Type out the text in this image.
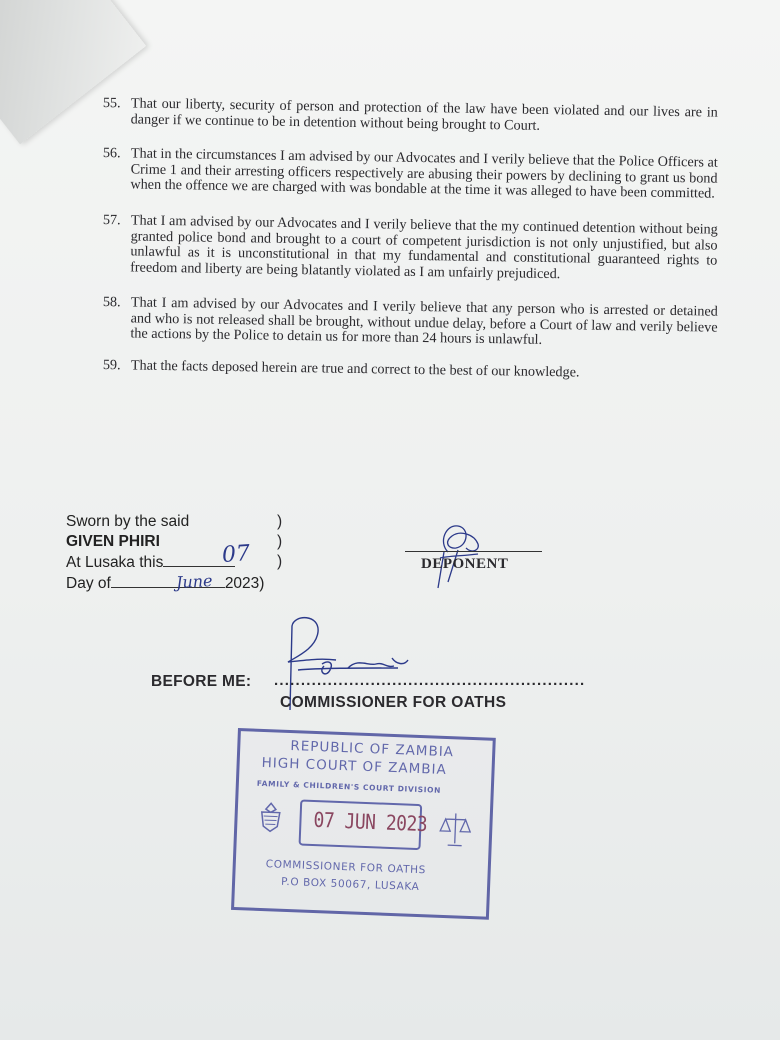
55. That our liberty, security of person and protection of the law have been violated and our lives are in danger if we continue to be in detention without being brought to Court.
56. That in the circumstances I am advised by our Advocates and I verily believe that the Police Officers at Crime 1 and their arresting officers respectively are abusing their powers by declining to grant us bond when the offence we are charged with was bondable at the time it was alleged to have been committed.
57. That I am advised by our Advocates and I verily believe that the my continued detention without being granted police bond and brought to a court of competent jurisdiction is not only unjustified, but also unlawful as it is unconstitutional in that my fundamental and constitutional guaranteed rights to freedom and liberty are being blatantly violated as I am unfairly prejudiced.
58. That I am advised by our Advocates and I verily believe that any person who is arrested or detained and who is not released shall be brought, without undue delay, before a Court of law and verily believe the actions by the Police to detain us for more than 24 hours is unlawful.
59. That the facts deposed herein are true and correct to the best of our knowledge.
Sworn by the said
GIVEN PHIRI
At Lusaka this
Day of	2023)
)
)
)
07
June
DEPONENT
BEFORE ME: ..........................................................
COMMISSIONER FOR OATHS
REPUBLIC OF ZAMBIA
HIGH COURT OF ZAMBIA
FAMILY & CHILDREN'S COURT DIVISION
07 JUN 2023
COMMISSIONER FOR OATHS
P.O BOX 50067, LUSAKA
